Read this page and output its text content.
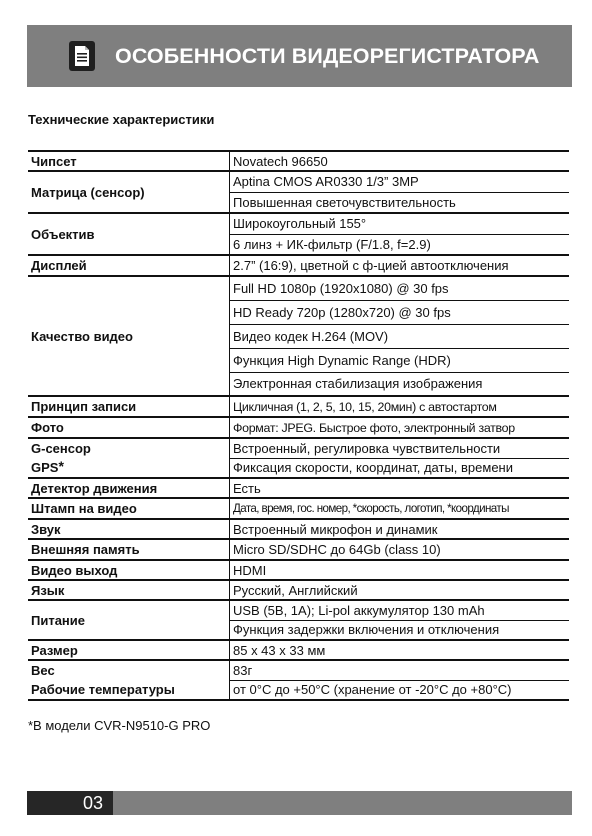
ОСОБЕННОСТИ ВИДЕОРЕГИСТРАТОРА
Технические характеристики
Чипсет	Novatech 96650
Матрица (сенсор)	Aptina CMOS AR0330 1/3” 3MP
	Повышенная светочувствительность
Объектив	Широкоугольный 155°
	6 линз + ИК-фильтр (F/1.8, f=2.9)
Дисплей	2.7” (16:9), цветной с ф-цией автоотключения
Качество видео	Full HD 1080p (1920x1080) @ 30 fps
	HD Ready 720p (1280x720) @ 30 fps
	Видео кодек H.264 (MOV)
	Функция High Dynamic Range (HDR)
	Электронная стабилизация изображения
Принцип записи	Цикличная (1, 2, 5, 10, 15, 20мин) с автостартом
Фото	Формат: JPEG. Быстрое фото, электронный затвор
G-сенсор	Встроенный, регулировка чувствительности
GPS*	Фиксация скорости, координат, даты, времени
Детектор движения	Есть
Штамп на видео	Дата, время, гос. номер, *скорость, логотип, *координаты
Звук	Встроенный микрофон и динамик
Внешняя память	Micro SD/SDHC до 64Gb (class 10)
Видео выход	HDMI
Язык	Русский, Английский
Питание	USB (5В, 1А); Li-pol аккумулятор 130 mAh
	Функция задержки включения и отключения
Размер	85 х 43 х 33 мм
Вес	83г
Рабочие температуры	от 0°С до +50°С (хранение от -20°С до +80°С)
*В модели CVR-N9510-G PRO
03
